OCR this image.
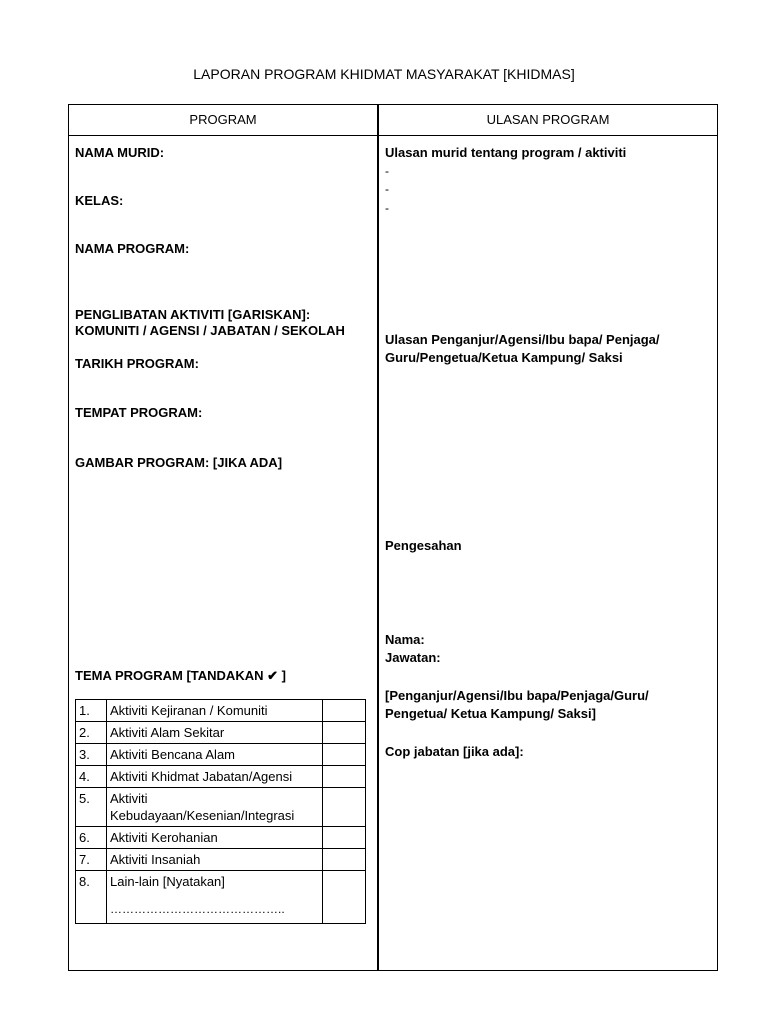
LAPORAN PROGRAM KHIDMAT MASYARAKAT [KHIDMAS]
PROGRAM	ULASAN PROGRAM
NAMA MURID:
KELAS:
NAMA PROGRAM:
PENGLIBATAN AKTIVITI [GARISKAN]:
KOMUNITI / AGENSI / JABATAN / SEKOLAH
TARIKH PROGRAM:
TEMPAT PROGRAM:
GAMBAR PROGRAM: [JIKA ADA]
TEMA PROGRAM [TANDAKAN ✔ ]
1.	Aktiviti Kejiranan / Komuniti	
2.	Aktiviti Alam Sekitar	
3.	Aktiviti Bencana Alam	
4.	Aktiviti Khidmat Jabatan/Agensi	
5.	Aktiviti Kebudayaan/Kesenian/Integrasi	
6.	Aktiviti Kerohanian	
7.	Aktiviti Insaniah	
8.	Lain-lain [Nyatakan]
……………………………………..	

Ulasan murid tentang program / aktiviti
-
-
-
Ulasan Penganjur/Agensi/Ibu bapa/ Penjaga/
Guru/Pengetua/Ketua Kampung/ Saksi
Pengesahan
Nama:
Jawatan:
[Penganjur/Agensi/Ibu bapa/Penjaga/Guru/
Pengetua/ Ketua Kampung/ Saksi]
Cop jabatan [jika ada]:
